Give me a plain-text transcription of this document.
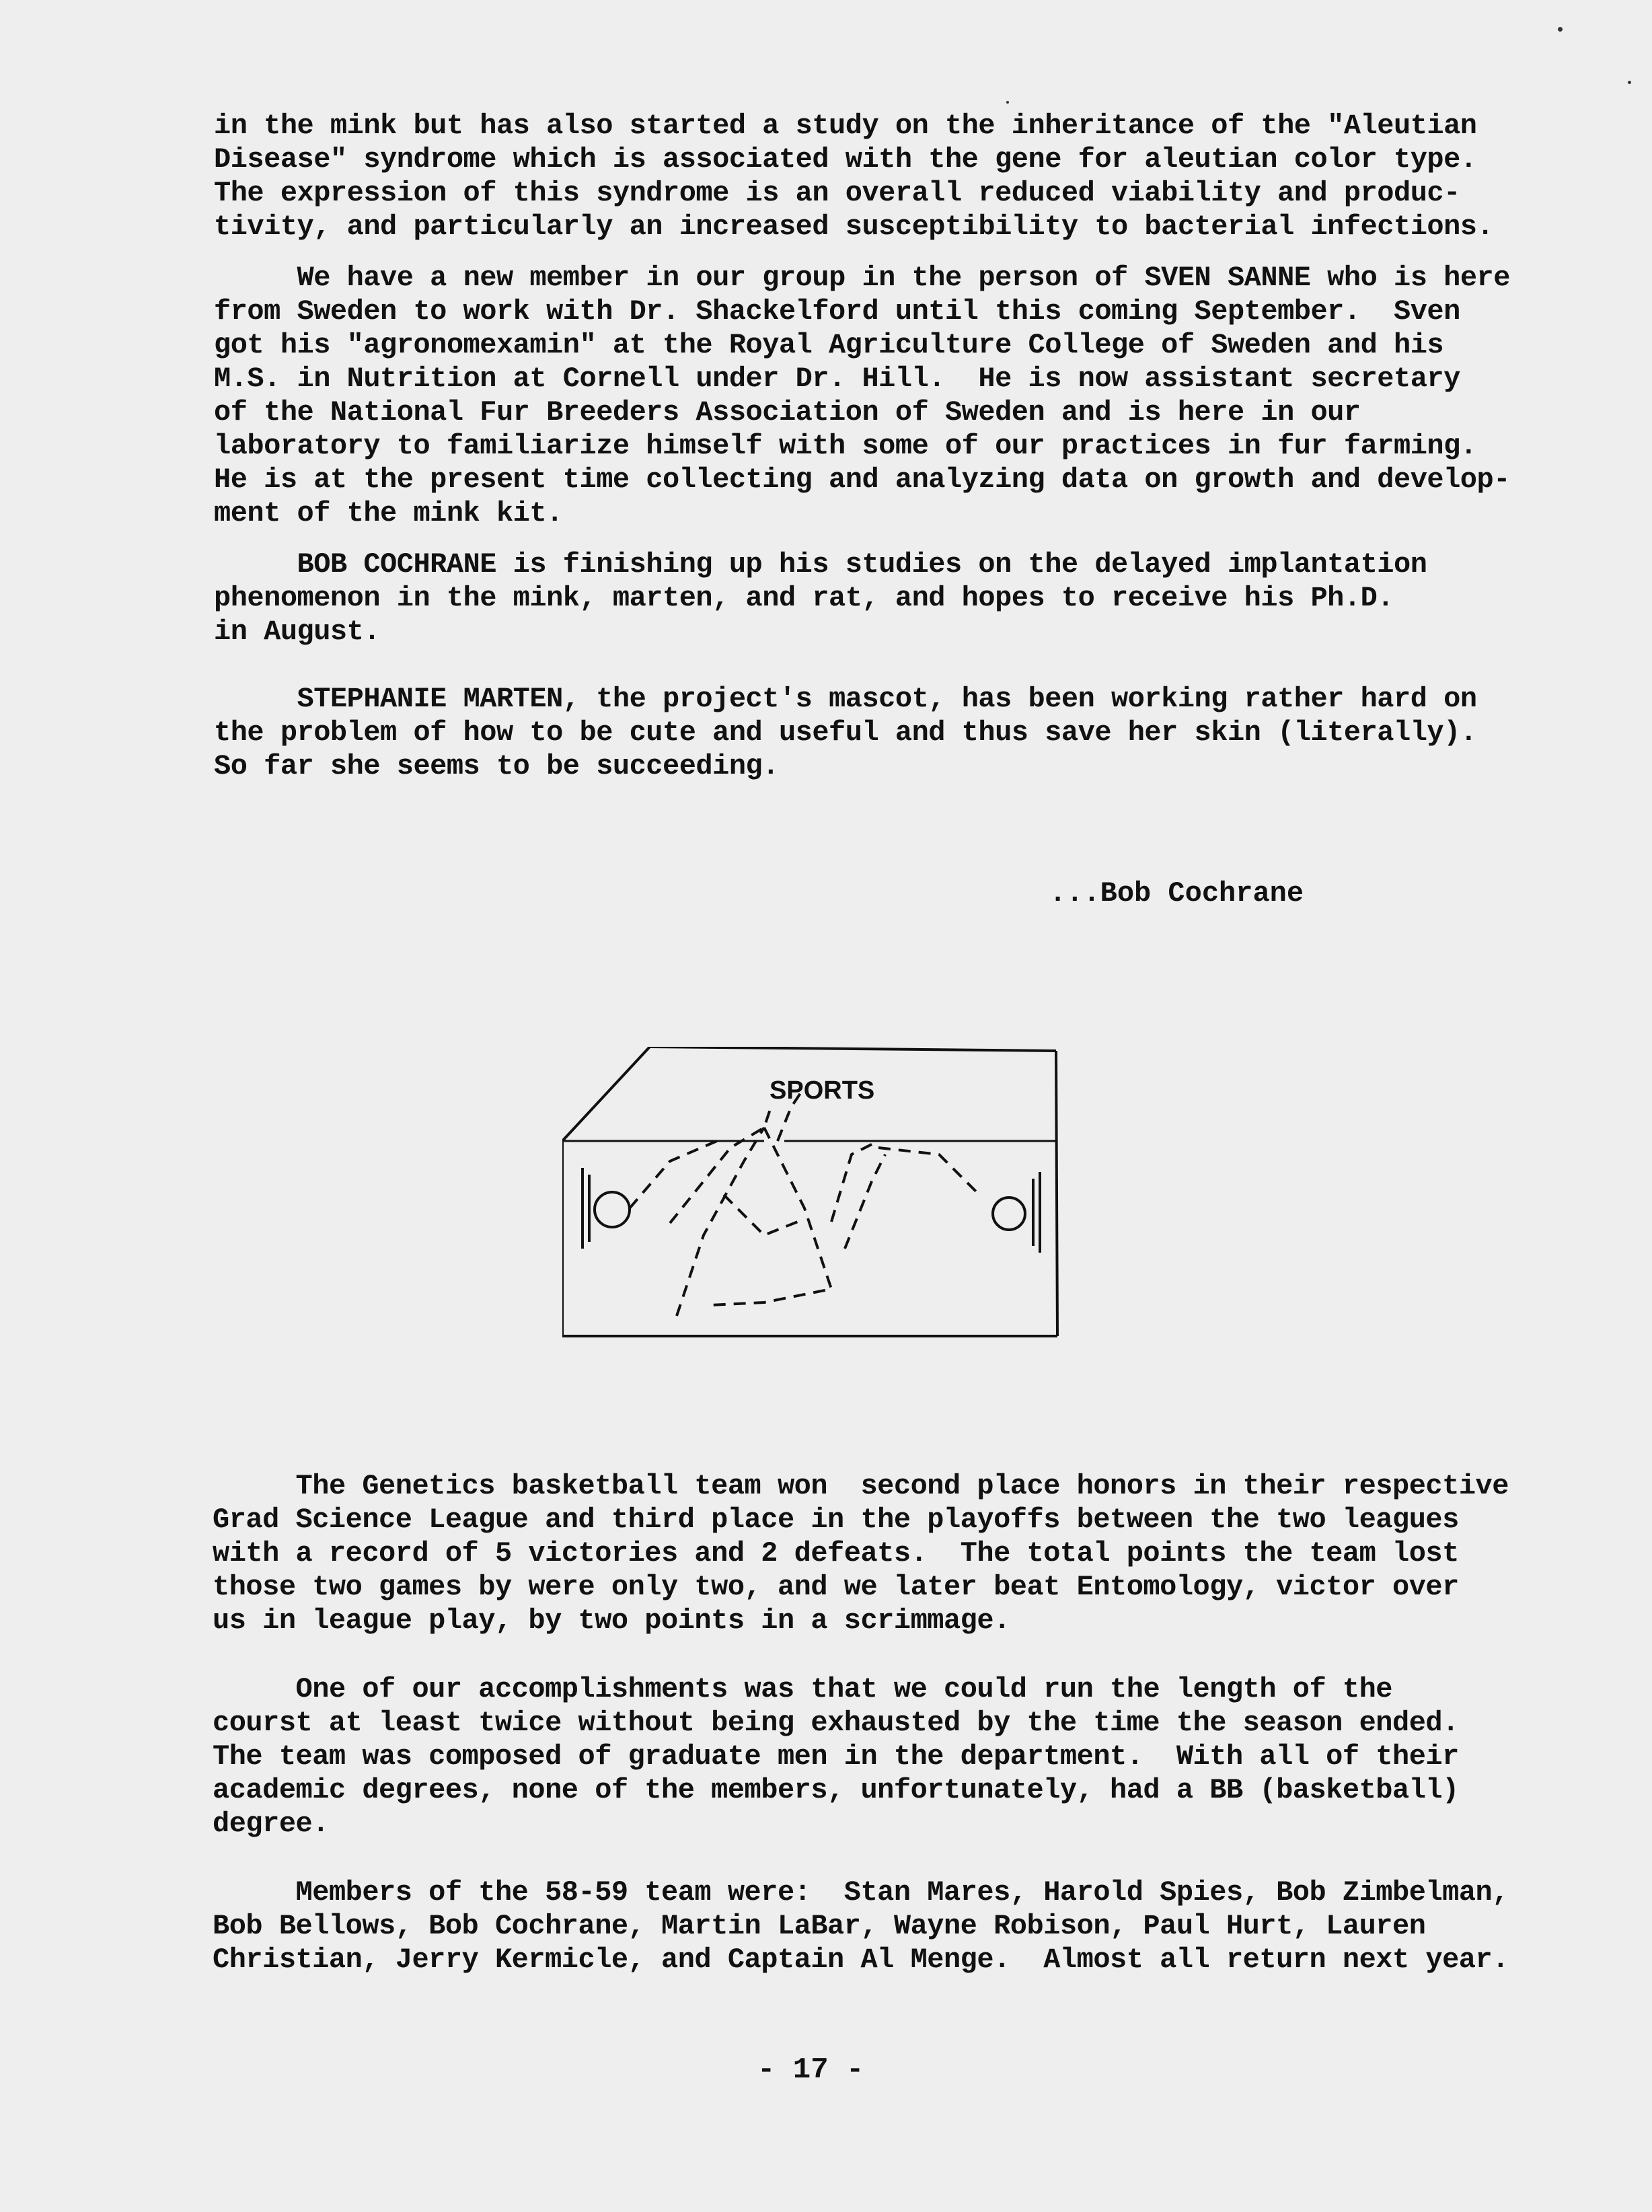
in the mink but has also started a study on the inheritance of the "Aleutian
Disease" syndrome which is associated with the gene for aleutian color type.
The expression of this syndrome is an overall reduced viability and produc-
tivity, and particularly an increased susceptibility to bacterial infections.

We have a new member in our group in the person of SVEN SANNE who is here
from Sweden to work with Dr. Shackelford until this coming September.  Sven
got his "agronomexamin" at the Royal Agriculture College of Sweden and his
M.S. in Nutrition at Cornell under Dr. Hill.  He is now assistant secretary
of the National Fur Breeders Association of Sweden and is here in our
laboratory to familiarize himself with some of our practices in fur farming.
He is at the present time collecting and analyzing data on growth and develop-
ment of the mink kit.

BOB COCHRANE is finishing up his studies on the delayed implantation
phenomenon in the mink, marten, and rat, and hopes to receive his Ph.D.
in August.

STEPHANIE MARTEN, the project's mascot, has been working rather hard on
the problem of how to be cute and useful and thus save her skin (literally).
So far she seems to be succeeding.

...Bob Cochrane
SPORTS

The Genetics basketball team won  second place honors in their respective
Grad Science League and third place in the playoffs between the two leagues
with a record of 5 victories and 2 defeats.  The total points the team lost
those two games by were only two, and we later beat Entomology, victor over
us in league play, by two points in a scrimmage.

One of our accomplishments was that we could run the length of the
courst at least twice without being exhausted by the time the season ended.
The team was composed of graduate men in the department.  With all of their
academic degrees, none of the members, unfortunately, had a BB (basketball)
degree.

Members of the 58-59 team were:  Stan Mares, Harold Spies, Bob Zimbelman,
Bob Bellows, Bob Cochrane, Martin LaBar, Wayne Robison, Paul Hurt, Lauren
Christian, Jerry Kermicle, and Captain Al Menge.  Almost all return next year.

- 17 -
